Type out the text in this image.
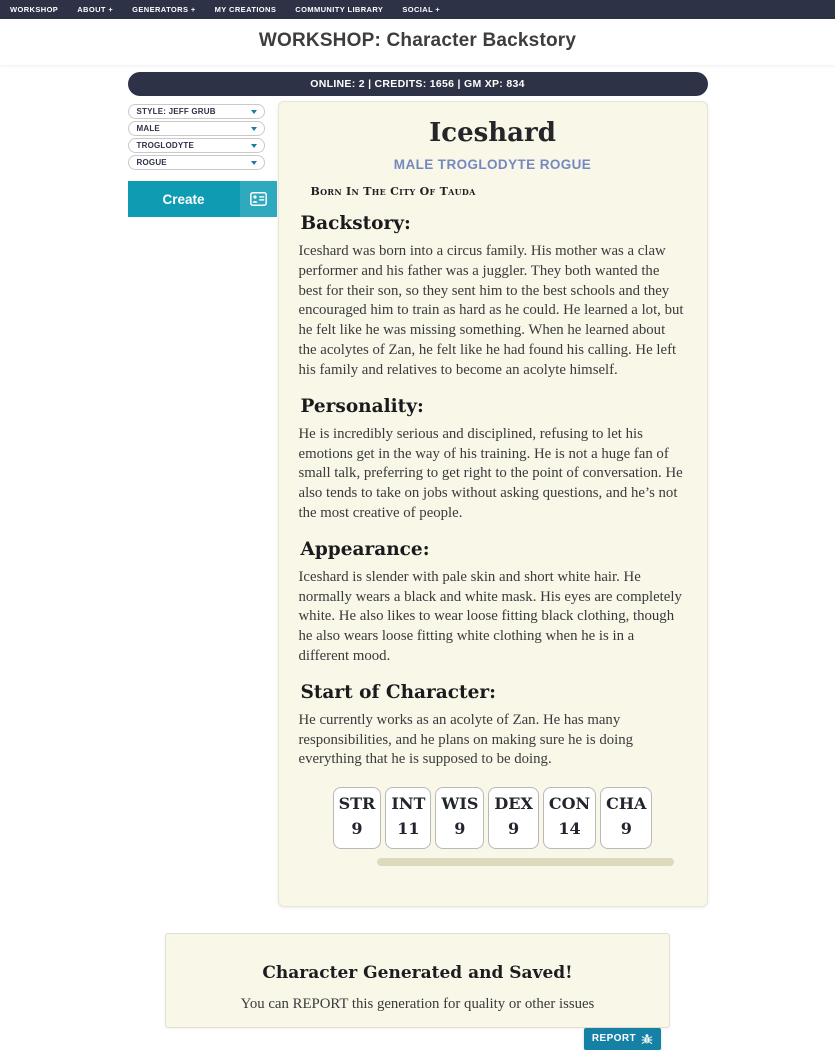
WORKSHOP	ABOUT +	GENERATORS +	MY CREATIONS	COMMUNITY LIBRARY	SOCIAL +
WORKSHOP: Character Backstory
ONLINE: 2 | CREDITS: 1656 | GM XP: 834
STYLE: JEFF GRUB
MALE
TROGLODYTE
ROGUE
Create
Iceshard
MALE TROGLODYTE ROGUE
Born In The City Of Tauda
Backstory:

Iceshard was born into a circus family. His mother was a claw performer and his father was a juggler. They both wanted the best for their son, so they sent him to the best schools and they encouraged him to train as hard as he could. He learned a lot, but he felt like he was missing something. When he learned about the acolytes of Zan, he felt like he had found his calling. He left his family and relatives to become an acolyte himself.

Personality:

He is incredibly serious and disciplined, refusing to let his emotions get in the way of his training. He is not a huge fan of small talk, preferring to get right to the point of conversation. He also tends to take on jobs without asking questions, and he’s not the most creative of people.

Appearance:

Iceshard is slender with pale skin and short white hair. He normally wears a black and white mask. His eyes are completely white. He also likes to wear loose fitting black clothing, though he also wears loose fitting white clothing when he is in a different mood.

Start of Character:

He currently works as an acolyte of Zan. He has many responsibilities, and he plans on making sure he is doing everything that he is supposed to be doing.

STR
9
INT
11
WIS
9
DEX
9
CON
14
CHA
9
Character Generated and Saved!
You can REPORT this generation for quality or other issues
REPORT
